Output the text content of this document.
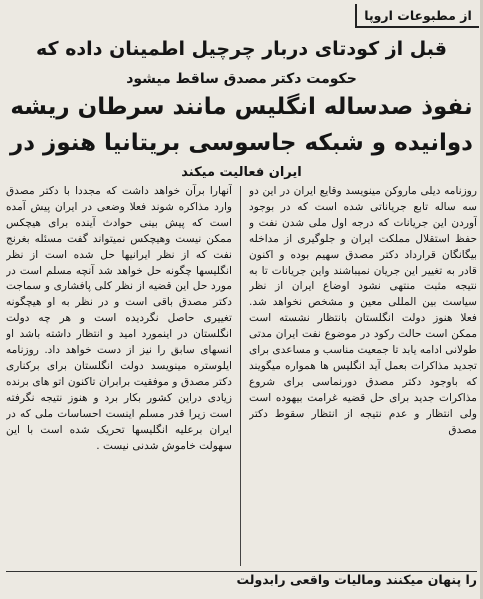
از مطبوعات اروپا
قبل از کودتای دربار چرچیل اطمینان داده که
حکومت دکتر مصدق ساقط میشود
نفوذ صدساله انگلیس مانند سرطان ریشه
دوانیده و شبکه جاسوسی بریتانیا هنوز در
ایران فعالیت میکند

روزنامه دیلی ماروکن مینویسد وقایع ایران در این دو سه ساله تابع جریاناتی شده است که در بوجود آوردن این جریانات که درجه اول ملی شدن نفت و حفظ استقلال مملکت ایران و جلوگیری از مداخله بیگانگان قرارداد دکتر مصدق سهیم بوده و اکنون قادر به تغییر این جریان نمیباشند واین جریانات تا به نتیجه مثبت منتهی نشود اوضاع ایران از نظر سیاست بین المللی معین و مشخص نخواهد شد. فعلا هنوز دولت انگلستان بانتظار نشسته است ممکن است حالت رکود در موضوع نفت ایران مدتی طولانی ادامه یابد تا جمعیت مناسب و مساعدی برای تجدید مذاکرات بعمل آید انگلیس ها همواره میگویند که باوجود دکتر مصدق دورنماسی برای شروع مذاکرات جدید برای حل قضیه غرامت بیهوده است ولی انتظار و عدم نتیجه از انتظار سقوط دکتر مصدق

آنهارا برآن خواهد داشت که مجددا با دکتر مصدق وارد مذاکره شوند فعلا وضعی در ایران پیش آمده است که پیش بینی حوادث آینده برای هیچکس ممکن نیست وهیچکس نمیتواند گفت مسئله بغرنج نفت که از نظر ایرانیها حل شده است از نظر انگلیسها چگونه حل خواهد شد آنچه مسلم است در مورد حل این قضیه از نظر کلی پافشاری و سماجت دکتر مصدق باقی است و در نظر به او هیچگونه تغییری حاصل نگردیده است و هر چه دولت انگلستان در اینمورد امید و انتظار داشته باشد او انسهای سابق را نیز از دست خواهد داد. روزنامه ایلوستره مینویسد دولت انگلستان برای برکناری دکتر مصدق و موفقیت برابران تاکنون اتو های برنده زیادی دراین کشور بکار برد و هنوز نتیجه نگرفته است زیرا قدر مسلم اینست احساسات ملی که در ایران برعلیه انگلیسها تحریک شده است با این سهولت خاموش شدنی نیست .

را پنهان میکنند ومالیات واقعی رابدولت
